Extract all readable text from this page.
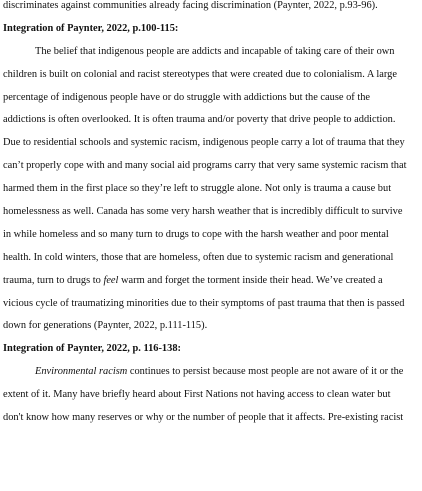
discriminates against communities already facing discrimination (Paynter, 2022, p.93-96).
Integration of Paynter, 2022, p.100-115:
The belief that indigenous people are addicts and incapable of taking care of their own
children is built on colonial and racist stereotypes that were created due to colonialism. A large
percentage of indigenous people have or do struggle with addictions but the cause of the
addictions is often overlooked. It is often trauma and/or poverty that drive people to addiction.
Due to residential schools and systemic racism, indigenous people carry a lot of trauma that they
can’t properly cope with and many social aid programs carry that very same systemic racism that
harmed them in the first place so they’re left to struggle alone. Not only is trauma a cause but
homelessness as well. Canada has some very harsh weather that is incredibly difficult to survive
in while homeless and so many turn to drugs to cope with the harsh weather and poor mental
health. In cold winters, those that are homeless, often due to systemic racism and generational
trauma, turn to drugs to feel warm and forget the torment inside their head. We’ve created a
vicious cycle of traumatizing minorities due to their symptoms of past trauma that then is passed
down for generations (Paynter, 2022, p.111-115).
Integration of Paynter, 2022, p. 116-138:
Environmental racism continues to persist because most people are not aware of it or the
extent of it. Many have briefly heard about First Nations not having access to clean water but
don't know how many reserves or why or the number of people that it affects. Pre-existing racist
